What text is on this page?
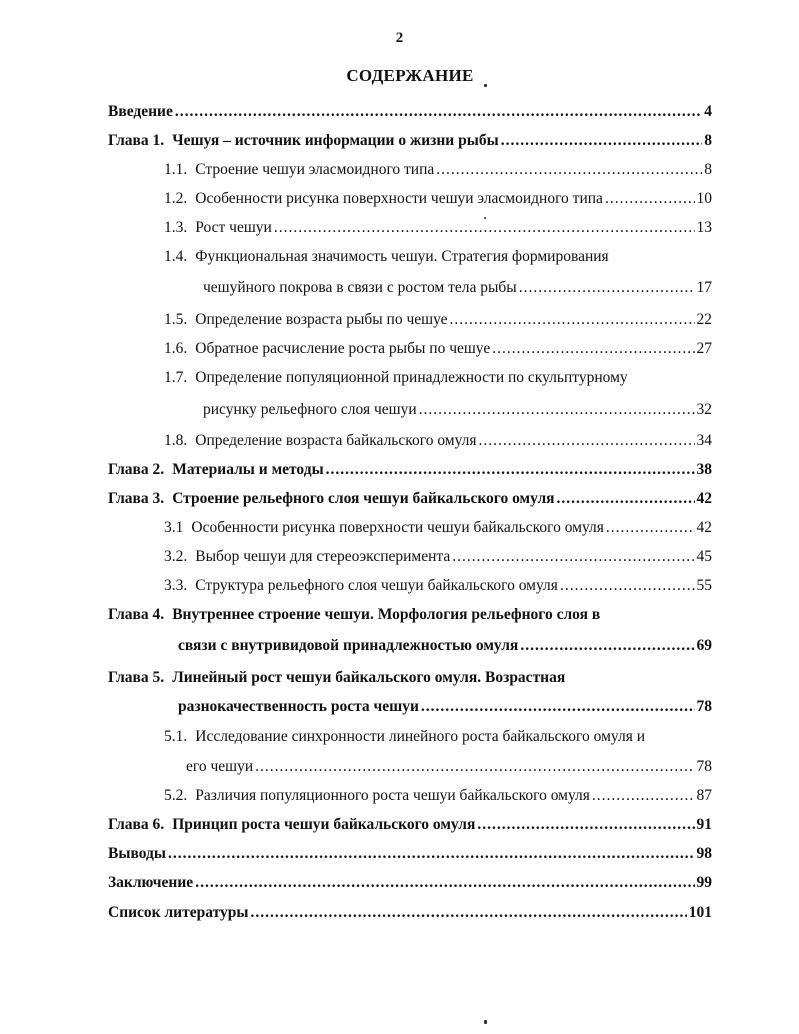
2
СОДЕРЖАНИЕ
Введение .....	4
Глава 1. Чешуя – источник информации о жизни рыбы .....	8
1.1. Строение чешуи эласмоидного типа .....	8
1.2. Особенности рисунка поверхности чешуи эласмоидного типа .....	10
1.3. Рост чешуи .....	13
1.4. Функциональная значимость чешуи. Стратегия формирования
чешуйного покрова в связи с ростом тела рыбы .....	17
1.5. Определение возраста рыбы по чешуе .....	22
1.6. Обратное расчисление роста рыбы по чешуе .....	27
1.7. Определение популяционной принадлежности по скульптурному
рисунку рельефного слоя чешуи .....	32
1.8. Определение возраста байкальского омуля .....	34
Глава 2. Материалы и методы .....	38
Глава 3. Строение рельефного слоя чешуи байкальского омуля .....	42
3.1 Особенности рисунка поверхности чешуи байкальского омуля .....	42
3.2. Выбор чешуи для стереоэксперимента .....	45
3.3. Структура рельефного слоя чешуи байкальского омуля .....	55
Глава 4. Внутреннее строение чешуи. Морфология рельефного слоя в
связи с внутривидовой принадлежностью омуля .....	69
Глава 5. Линейный рост чешуи байкальского омуля. Возрастная
разнокачественность роста чешуи .....	78
5.1. Исследование синхронности линейного роста байкальского омуля и
его чешуи .....	78
5.2. Различия популяционного роста чешуи байкальского омуля .....	87
Глава 6. Принцип роста чешуи байкальского омуля .....	91
Выводы .....	98
Заключение .....	99
Список литературы .....	101
